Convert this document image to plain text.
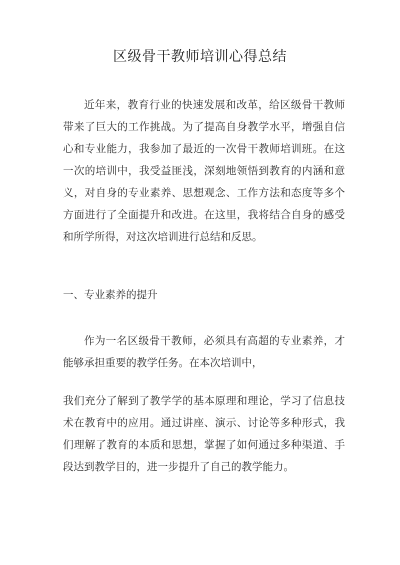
区级骨干教师培训心得总结
近年来，教育行业的快速发展和改革，给区级骨干教师带来了巨大的工作挑战。为了提高自身教学水平，增强自信心和专业能力，我参加了最近的一次骨干教师培训班。在这一次的培训中，我受益匪浅，深刻地领悟到教育的内涵和意义，对自身的专业素养、思想观念、工作方法和态度等多个方面进行了全面提升和改进。在这里，我将结合自身的感受和所学所得，对这次培训进行总结和反思。
一、专业素养的提升
作为一名区级骨干教师，必须具有高超的专业素养，才能够承担重要的教学任务。在本次培训中，
我们充分了解到了教学学的基本原理和理论，学习了信息技术在教育中的应用。通过讲座、演示、讨论等多种形式，我们理解了教育的本质和思想，掌握了如何通过多种渠道、手段达到教学目的，进一步提升了自己的教学能力。
